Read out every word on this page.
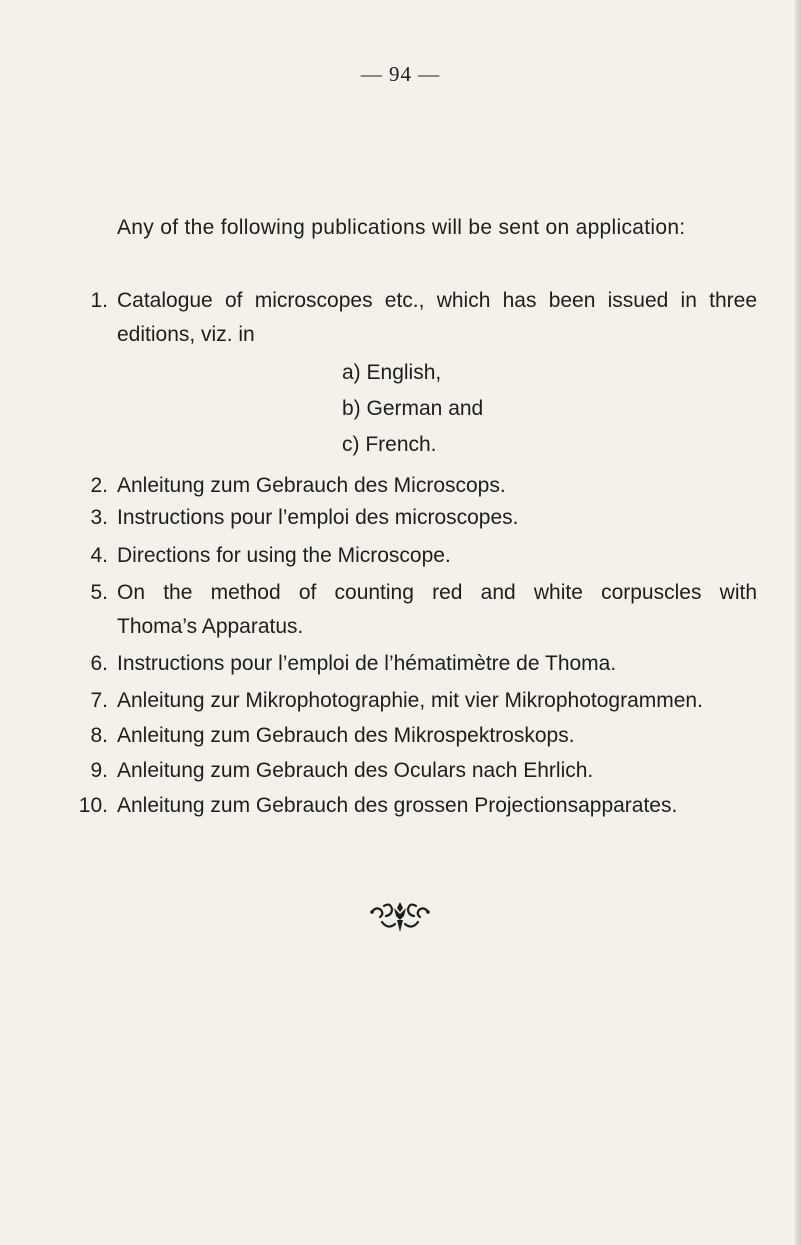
— 94 —
Any of the following publications will be sent on application:
1. Catalogue of microscopes etc., which has been issued in three
editions, viz. in
a) English,
b) German and
c) French.
2. Anleitung zum Gebrauch des Microscops.
3. Instructions pour l’emploi des microscopes.
4. Directions for using the Microscope.
5. On the method of counting red and white corpuscles with
Thoma’s Apparatus.
6. Instructions pour l’emploi de l’hématimètre de Thoma.
7. Anleitung zur Mikrophotographie, mit vier Mikrophotogrammen.
8. Anleitung zum Gebrauch des Mikrospektroskops.
9. Anleitung zum Gebrauch des Oculars nach Ehrlich.
10. Anleitung zum Gebrauch des grossen Projectionsapparates.
